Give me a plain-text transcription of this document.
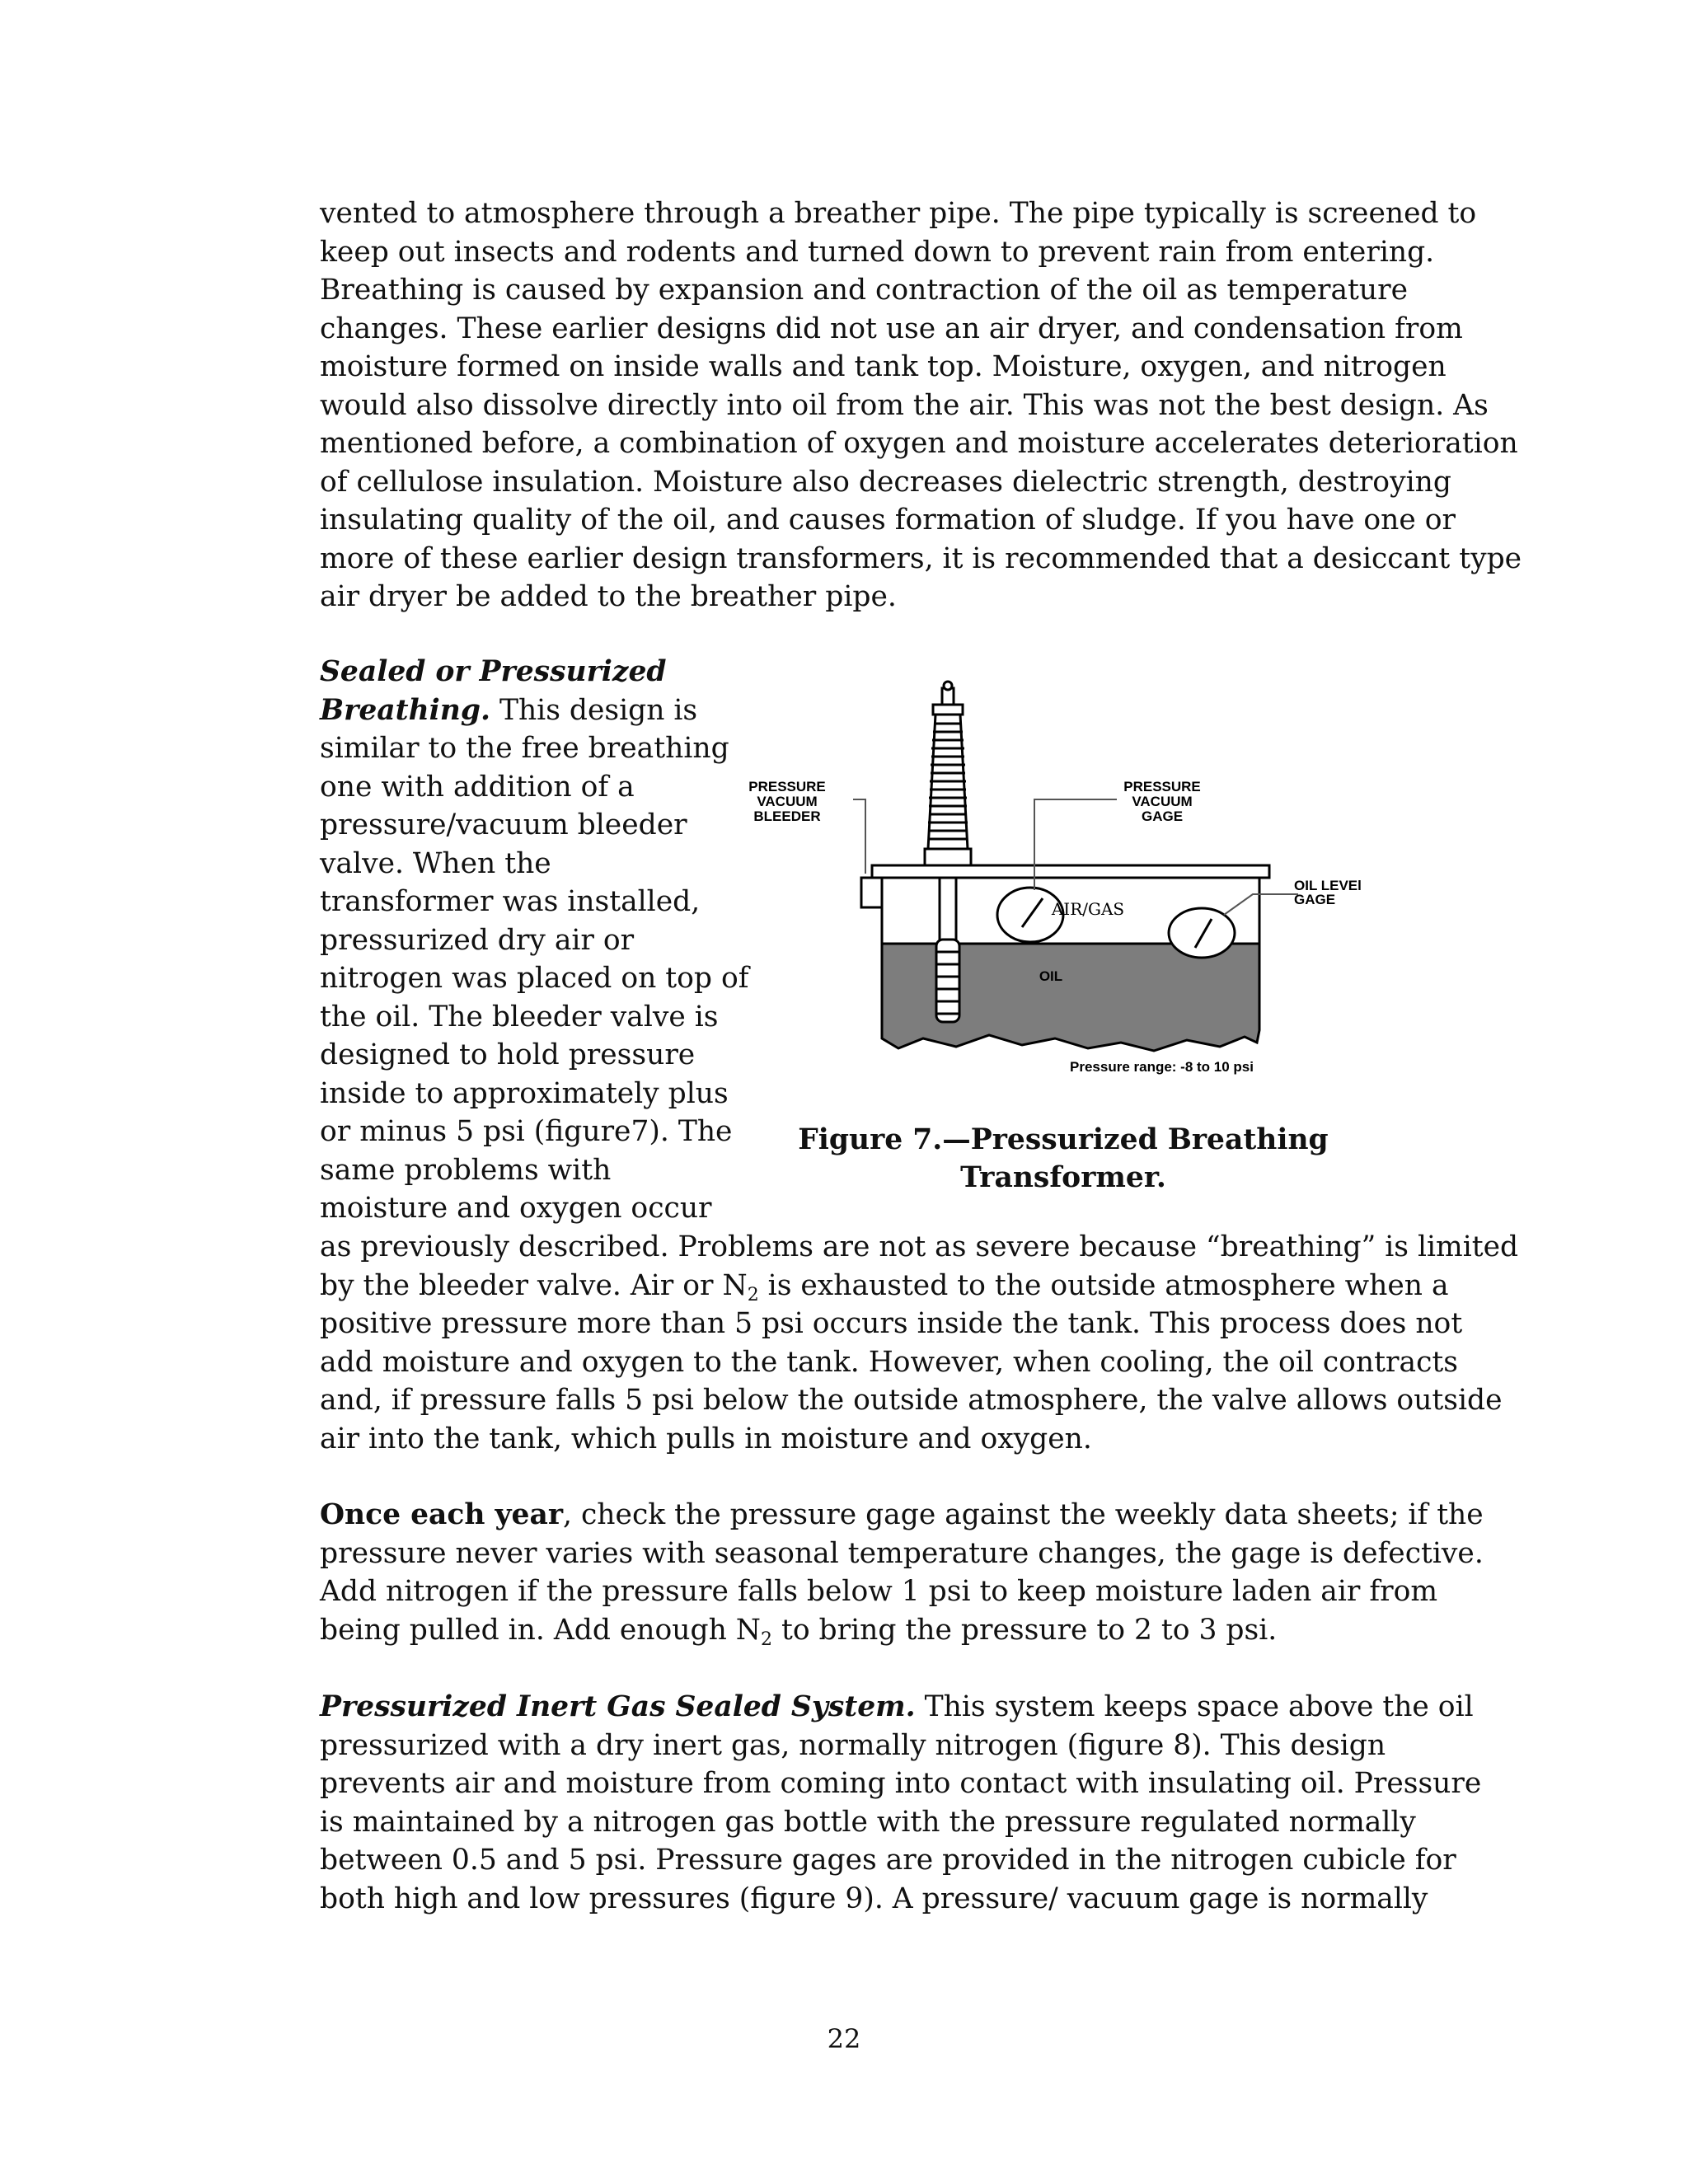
vented to atmosphere through a breather pipe. The pipe typically is screened to
keep out insects and rodents and turned down to prevent rain from entering.
Breathing is caused by expansion and contraction of the oil as temperature
changes. These earlier designs did not use an air dryer, and condensation from
moisture formed on inside walls and tank top. Moisture, oxygen, and nitrogen
would also dissolve directly into oil from the air. This was not the best design. As
mentioned before, a combination of oxygen and moisture accelerates deterioration
of cellulose insulation. Moisture also decreases dielectric strength, destroying
insulating quality of the oil, and causes formation of sludge. If you have one or
more of these earlier design transformers, it is recommended that a desiccant type
air dryer be added to the breather pipe.
Sealed or Pressurized
Breathing. This design is
similar to the free breathing
one with addition of a
pressure/vacuum bleeder
valve. When the
transformer was installed,
pressurized dry air or
nitrogen was placed on top of
the oil. The bleeder valve is
designed to hold pressure
inside to approximately plus
or minus 5 psi (figure7). The
same problems with
moisture and oxygen occur
PRESSURE
VACUUM
BLEEDER
PRESSURE
VACUUM
GAGE
OIL LEVEl
GAGE
AIR/GAS
OIL
Pressure range: -8 to 10 psi
Figure 7.—Pressurized Breathing
Transformer.
as previously described. Problems are not as severe because “breathing” is limited
by the bleeder valve. Air or $N_2$ is exhausted to the outside atmosphere when a
positive pressure more than 5 psi occurs inside the tank. This process does not
add moisture and oxygen to the tank. However, when cooling, the oil contracts
and, if pressure falls 5 psi below the outside atmosphere, the valve allows outside
air into the tank, which pulls in moisture and oxygen.
Once each year, check the pressure gage against the weekly data sheets; if the
pressure never varies with seasonal temperature changes, the gage is defective.
Add nitrogen if the pressure falls below 1 psi to keep moisture laden air from
being pulled in. Add enough $N_2$ to bring the pressure to 2 to 3 psi.
Pressurized Inert Gas Sealed System. This system keeps space above the oil
pressurized with a dry inert gas, normally nitrogen (figure 8). This design
prevents air and moisture from coming into contact with insulating oil. Pressure
is maintained by a nitrogen gas bottle with the pressure regulated normally
between 0.5 and 5 psi. Pressure gages are provided in the nitrogen cubicle for
both high and low pressures (figure 9). A pressure/ vacuum gage is normally
22
